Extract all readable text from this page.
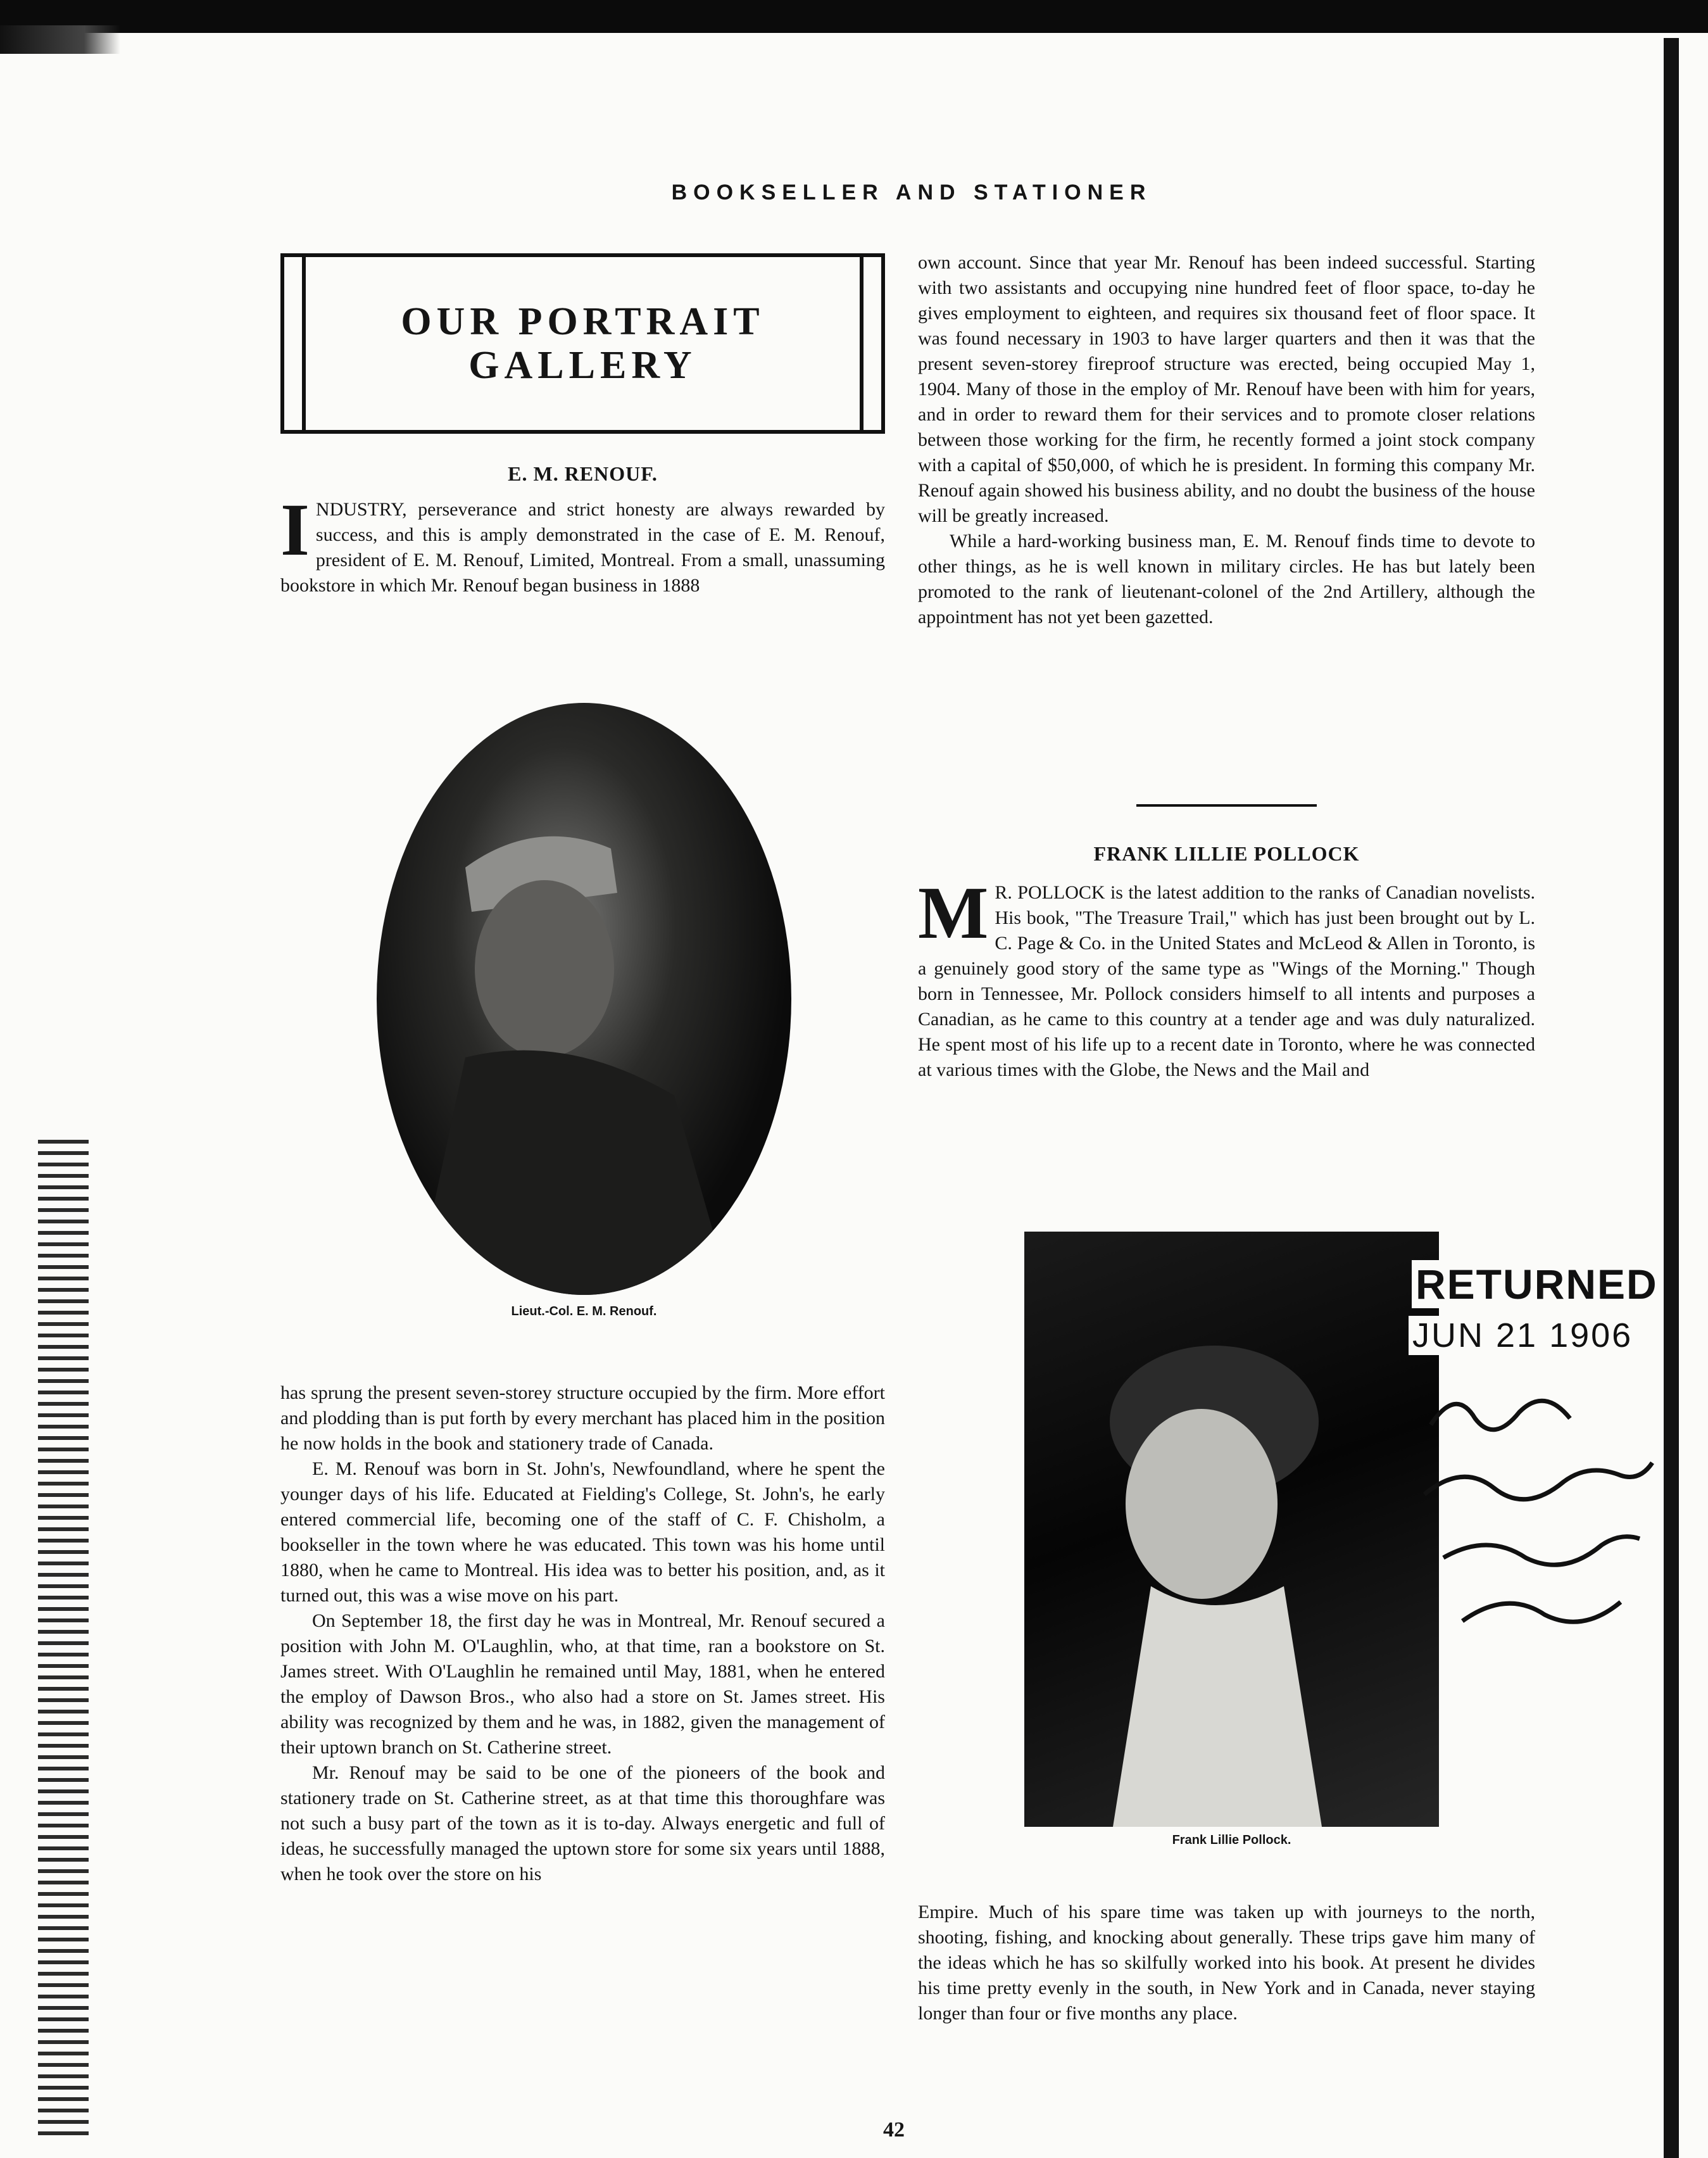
BOOKSELLER AND STATIONER
OUR PORTRAIT
GALLERY
E. M. RENOUF.

INDUSTRY, perseverance and strict honesty are always rewarded by success, and this is amply demonstrated in the case of E. M. Renouf, president of E. M. Renouf, Limited, Montreal. From a small, unassuming bookstore in which Mr. Renouf began business in 1888

Lieut.-Col. E. M. Renouf.

has sprung the present seven-storey structure occupied by the firm. More effort and plodding than is put forth by every merchant has placed him in the position he now holds in the book and stationery trade of Canada.

E. M. Renouf was born in St. John's, Newfoundland, where he spent the younger days of his life. Educated at Fielding's College, St. John's, he early entered commercial life, becoming one of the staff of C. F. Chisholm, a bookseller in the town where he was educated. This town was his home until 1880, when he came to Montreal. His idea was to better his position, and, as it turned out, this was a wise move on his part.

On September 18, the first day he was in Montreal, Mr. Renouf secured a position with John M. O'Laughlin, who, at that time, ran a bookstore on St. James street. With O'Laughlin he remained until May, 1881, when he entered the employ of Dawson Bros., who also had a store on St. James street. His ability was recognized by them and he was, in 1882, given the management of their uptown branch on St. Catherine street.

Mr. Renouf may be said to be one of the pioneers of the book and stationery trade on St. Catherine street, as at that time this thoroughfare was not such a busy part of the town as it is to-day. Always energetic and full of ideas, he successfully managed the uptown store for some six years until 1888, when he took over the store on his

own account. Since that year Mr. Renouf has been indeed successful. Starting with two assistants and occupying nine hundred feet of floor space, to-day he gives employment to eighteen, and requires six thousand feet of floor space. It was found necessary in 1903 to have larger quarters and then it was that the present seven-storey fireproof structure was erected, being occupied May 1, 1904. Many of those in the employ of Mr. Renouf have been with him for years, and in order to reward them for their services and to promote closer relations between those working for the firm, he recently formed a joint stock company with a capital of $50,000, of which he is president. In forming this company Mr. Renouf again showed his business ability, and no doubt the business of the house will be greatly increased.

While a hard-working business man, E. M. Renouf finds time to devote to other things, as he is well known in military circles. He has but lately been promoted to the rank of lieutenant-colonel of the 2nd Artillery, although the appointment has not yet been gazetted.

FRANK LILLIE POLLOCK

M R. POLLOCK is the latest addition to the ranks of Canadian novelists. His book, "The Treasure Trail," which has just been brought out by L. C. Page & Co. in the United States and McLeod & Allen in Toronto, is a genuinely good story of the same type as "Wings of the Morning." Though born in Tennessee, Mr. Pollock considers himself to all intents and purposes a Canadian, as he came to this country at a tender age and was duly naturalized. He spent most of his life up to a recent date in Toronto, where he was connected at various times with the Globe, the News and the Mail and

Frank Lillie Pollock.
RETURNED
JUN 21 1906

Empire. Much of his spare time was taken up with journeys to the north, shooting, fishing, and knocking about generally. These trips gave him many of the ideas which he has so skilfully worked into his book. At present he divides his time pretty evenly in the south, in New York and in Canada, never staying longer than four or five months any place.

42
